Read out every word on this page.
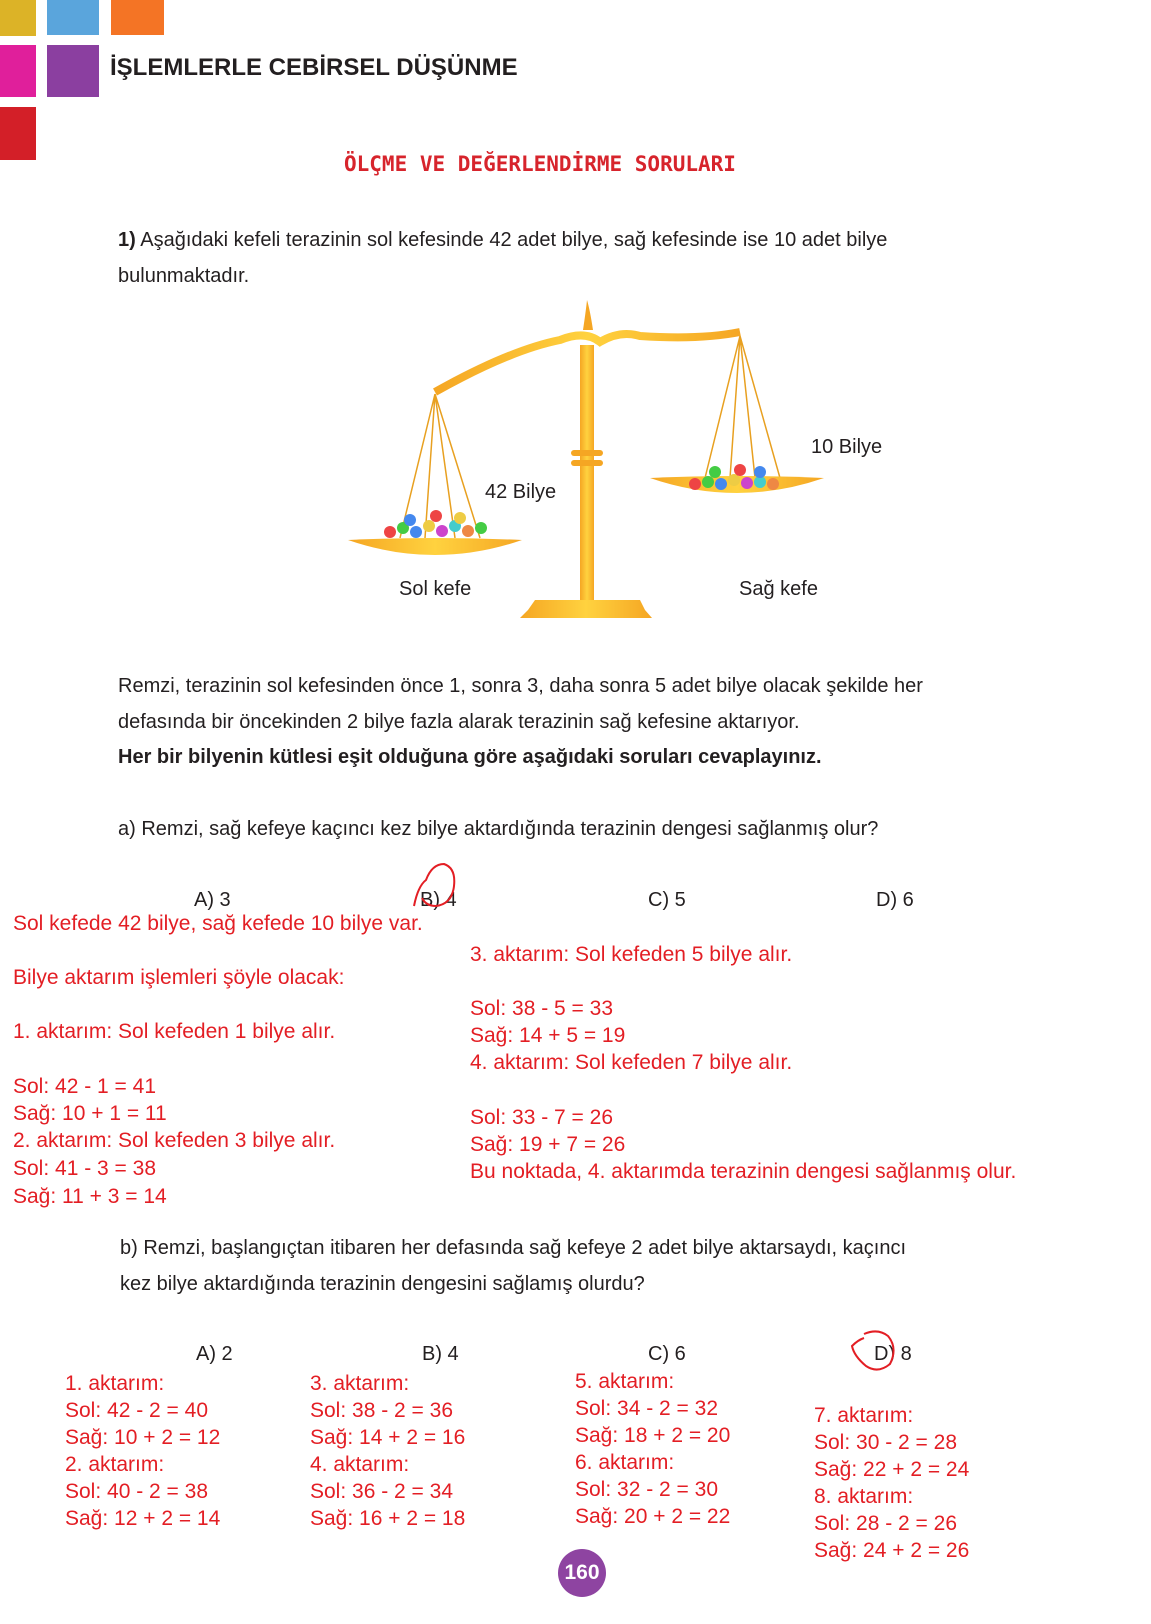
İŞLEMLERLE CEBİRSEL DÜŞÜNME
ÖLÇME VE DEĞERLENDİRME SORULARI
1) Aşağıdaki kefeli terazinin sol kefesinde 42 adet bilye, sağ kefesinde ise 10 adet bilye
bulunmaktadır.
42 Bilye
10 Bilye
Sol kefe	Sağ kefe
Remzi, terazinin sol kefesinden önce 1, sonra 3, daha sonra 5 adet bilye olacak şekilde her
defasında bir öncekinden 2 bilye fazla alarak terazinin sağ kefesine aktarıyor.
Her bir bilyenin kütlesi eşit olduğuna göre aşağıdaki soruları cevaplayınız.
a) Remzi, sağ kefeye kaçıncı kez bilye aktardığında terazinin dengesi sağlanmış olur?
A) 3	B) 4	C) 5	D) 6
Sol kefede 42 bilye, sağ kefede 10 bilye var.
Bilye aktarım işlemleri şöyle olacak:
1. aktarım: Sol kefeden 1 bilye alır.
Sol: 42 - 1 = 41
Sağ: 10 + 1 = 11
2. aktarım: Sol kefeden 3 bilye alır.
Sol: 41 - 3 = 38
Sağ: 11 + 3 = 14
3. aktarım: Sol kefeden 5 bilye alır.
Sol: 38 - 5 = 33
Sağ: 14 + 5 = 19
4. aktarım: Sol kefeden 7 bilye alır.
Sol: 33 - 7 = 26
Sağ: 19 + 7 = 26
Bu noktada, 4. aktarımda terazinin dengesi sağlanmış olur.
b) Remzi, başlangıçtan itibaren her defasında sağ kefeye 2 adet bilye aktarsaydı, kaçıncı
kez bilye aktardığında terazinin dengesini sağlamış olurdu?
A) 2	B) 4	C) 6	D) 8
1. aktarım:
Sol: 42 - 2 = 40
Sağ: 10 + 2 = 12
2. aktarım:
Sol: 40 - 2 = 38
Sağ: 12 + 2 = 14
3. aktarım:
Sol: 38 - 2 = 36
Sağ: 14 + 2 = 16
4. aktarım:
Sol: 36 - 2 = 34
Sağ: 16 + 2 = 18
5. aktarım:
Sol: 34 - 2 = 32
Sağ: 18 + 2 = 20
6. aktarım:
Sol: 32 - 2 = 30
Sağ: 20 + 2 = 22
7. aktarım:
Sol: 30 - 2 = 28
Sağ: 22 + 2 = 24
8. aktarım:
Sol: 28 - 2 = 26
Sağ: 24 + 2 = 26
160
